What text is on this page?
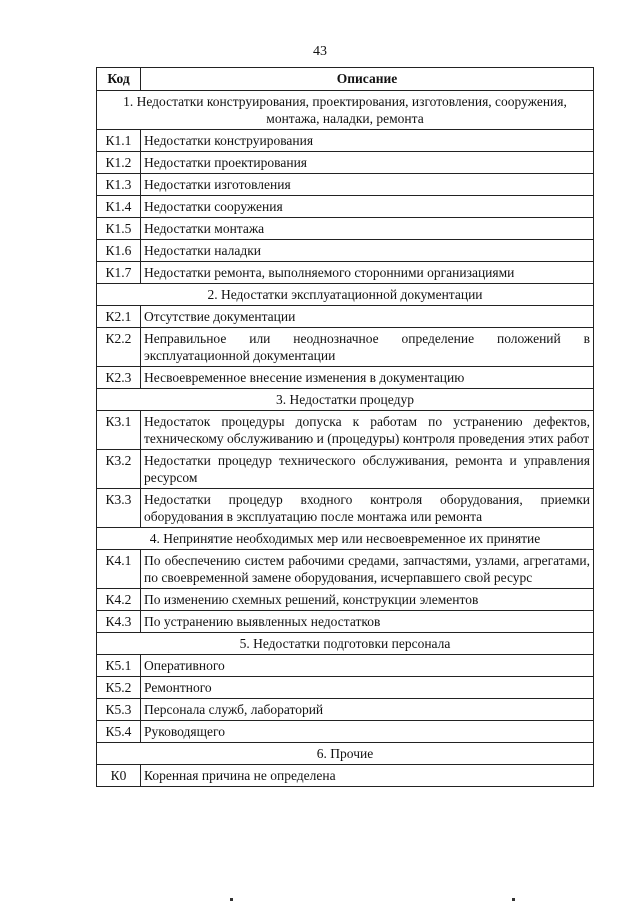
43
Код	Описание
1. Недостатки конструирования, проектирования, изготовления, сооружения, монтажа, наладки, ремонта	
К1.1	Недостатки конструирования
К1.2	Недостатки проектирования
К1.3	Недостатки изготовления
К1.4	Недостатки сооружения
К1.5	Недостатки монтажа
К1.6	Недостатки наладки
К1.7	Недостатки ремонта, выполняемого сторонними организациями
2. Недостатки эксплуатационной документации	
К2.1	Отсутствие документации
К2.2	Неправильное или неоднозначное определение положений в эксплуатационной документации
К2.3	Несвоевременное внесение изменения в документацию
3. Недостатки процедур	
К3.1	Недостаток процедуры допуска к работам по устранению дефектов, техническому обслуживанию и (процедуры) контроля проведения этих работ
К3.2	Недостатки процедур технического обслуживания, ремонта и управления ресурсом
К3.3	Недостатки процедур входного контроля оборудования, приемки оборудования в эксплуатацию после монтажа или ремонта
4. Непринятие необходимых мер или несвоевременное их принятие	
К4.1	По обеспечению систем рабочими средами, запчастями, узлами, агрегатами, по своевременной замене оборудования, исчерпавшего свой ресурс
К4.2	По изменению схемных решений, конструкции элементов
К4.3	По устранению выявленных недостатков
5. Недостатки подготовки персонала	
К5.1	Оперативного
К5.2	Ремонтного
К5.3	Персонала служб, лабораторий
К5.4	Руководящего
6. Прочие	
К0	Коренная причина не определена
